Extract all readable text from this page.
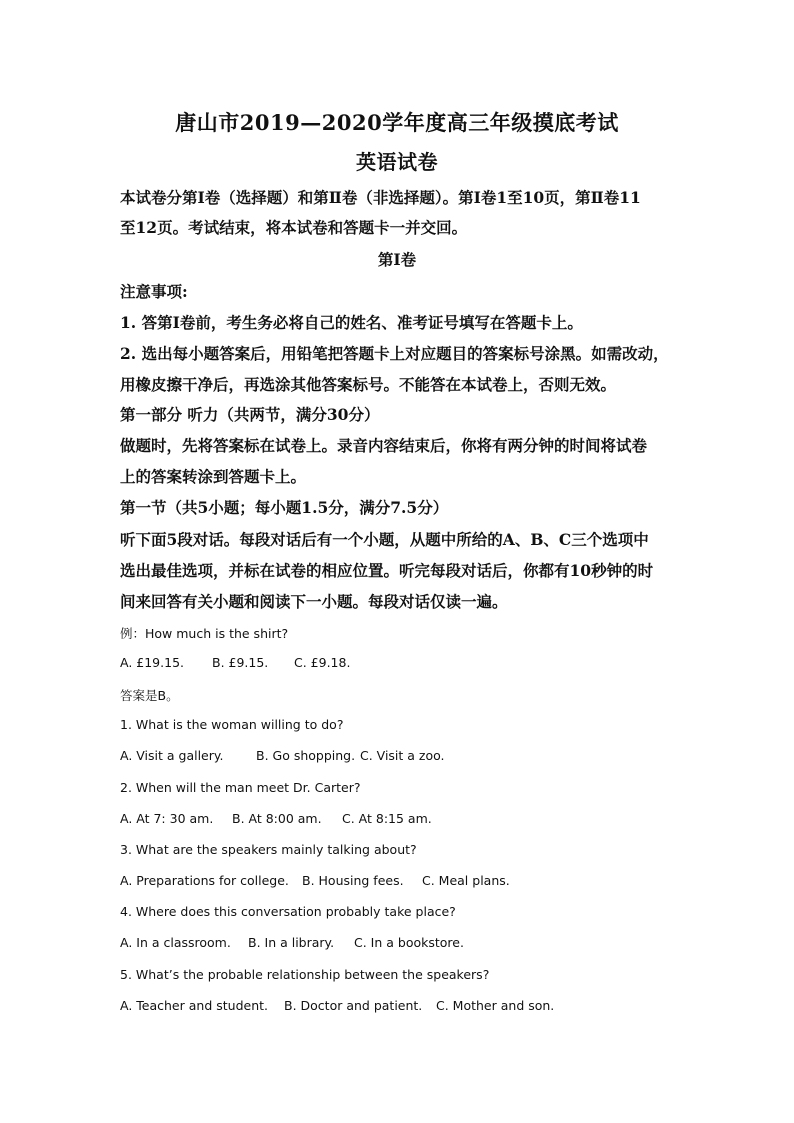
唐山市2019—2020学年度高三年级摸底考试
英语试卷
本试卷分第Ⅰ卷（选择题）和第Ⅱ卷（非选择题）。第Ⅰ卷1至10页，第Ⅱ卷11
至12页。考试结束，将本试卷和答题卡一并交回。
第Ⅰ卷
注意事项:
1. 答第Ⅰ卷前，考生务必将自己的姓名、准考证号填写在答题卡上。
2. 选出每小题答案后，用铅笔把答题卡上对应题目的答案标号涂黑。如需改动，
用橡皮擦干净后，再选涂其他答案标号。不能答在本试卷上，否则无效。
第一部分 听力（共两节，满分30分）
做题时，先将答案标在试卷上。录音内容结束后，你将有两分钟的时间将试卷
上的答案转涂到答题卡上。
第一节（共5小题；每小题1.5分，满分7.5分）
听下面5段对话。每段对话后有一个小题，从题中所给的A、B、C三个选项中
选出最佳选项，并标在试卷的相应位置。听完每段对话后，你都有10秒钟的时
间来回答有关小题和阅读下一小题。每段对话仅读一遍。
例：How much is the shirt?
A. £19.15. B. £9.15. C. £9.18.
答案是B。
1. What is the woman willing to do?
A. Visit a gallery.	B. Go shopping. C. Visit a zoo.
2. When will the man meet Dr. Carter?
A. At 7: 30 am. B. At 8:00 am. C. At 8:15 am.
3. What are the speakers mainly talking about?
A. Preparations for college. B. Housing fees. C. Meal plans.
4. Where does this conversation probably take place?
A. In a classroom. B. In a library. C. In a bookstore.
5. What’s the probable relationship between the speakers?
A. Teacher and student. B. Doctor and patient. C. Mother and son.
